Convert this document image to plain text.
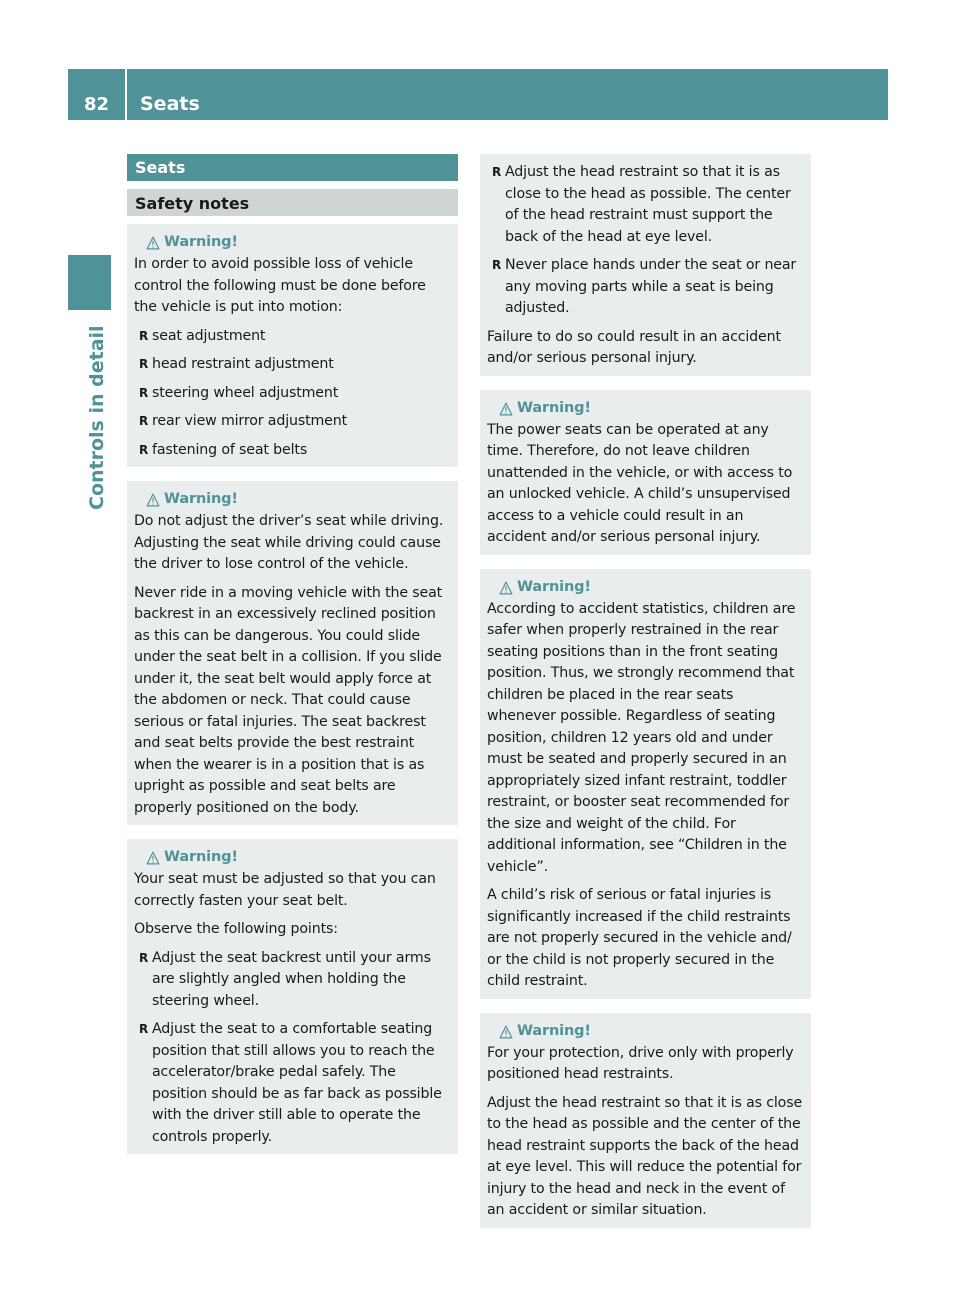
82	Seats
Controls in detail
Seats
Safety notes
Warning!

In order to avoid possible loss of vehicle control the following must be done before the vehicle is put into motion:

R seat adjustment
R head restraint adjustment
R steering wheel adjustment
R rear view mirror adjustment
R fastening of seat belts
Warning!

Do not adjust the driver’s seat while driving. Adjusting the seat while driving could cause the driver to lose control of the vehicle.

Never ride in a moving vehicle with the seat backrest in an excessively reclined position as this can be dangerous. You could slide under the seat belt in a collision. If you slide under it, the seat belt would apply force at the abdomen or neck. That could cause serious or fatal injuries. The seat backrest and seat belts provide the best restraint when the wearer is in a position that is as upright as possible and seat belts are properly positioned on the body.

Warning!

Your seat must be adjusted so that you can correctly fasten your seat belt.

Observe the following points:

R Adjust the seat backrest until your arms are slightly angled when holding the steering wheel.
R Adjust the seat to a comfortable seating position that still allows you to reach the accelerator/brake pedal safely. The position should be as far back as possible with the driver still able to operate the controls properly.
R Adjust the head restraint so that it is as close to the head as possible. The center of the head restraint must support the back of the head at eye level.
R Never place hands under the seat or near any moving parts while a seat is being adjusted.

Failure to do so could result in an accident and/or serious personal injury.

Warning!

The power seats can be operated at any time. Therefore, do not leave children unattended in the vehicle, or with access to an unlocked vehicle. A child’s unsupervised access to a vehicle could result in an accident and/or serious personal injury.

Warning!

According to accident statistics, children are safer when properly restrained in the rear seating positions than in the front seating position. Thus, we strongly recommend that children be placed in the rear seats whenever possible. Regardless of seating position, children 12 years old and under must be seated and properly secured in an appropriately sized infant restraint, toddler restraint, or booster seat recommended for the size and weight of the child. For additional information, see “Children in the vehicle”.

A child’s risk of serious or fatal injuries is significantly increased if the child restraints are not properly secured in the vehicle and/ or the child is not properly secured in the child restraint.

Warning!

For your protection, drive only with properly positioned head restraints.

Adjust the head restraint so that it is as close to the head as possible and the center of the head restraint supports the back of the head at eye level. This will reduce the potential for injury to the head and neck in the event of an accident or similar situation.
